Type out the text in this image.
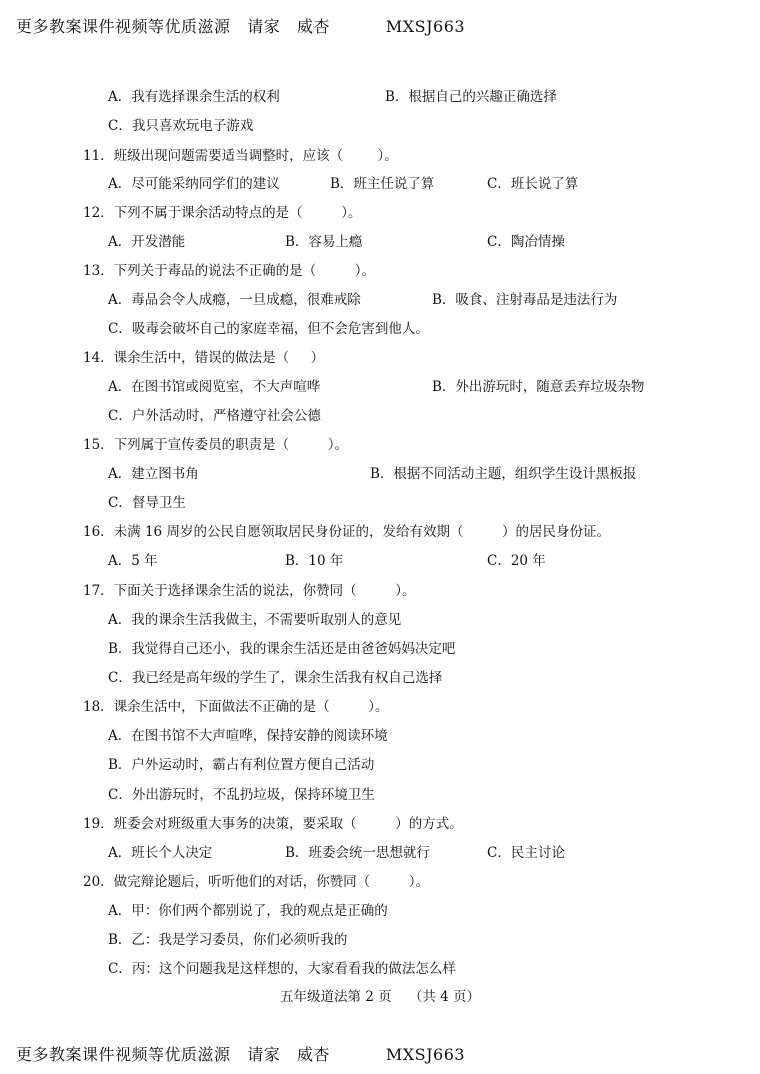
更多教案课件视频等优质滋源   请家   威杏          MXSJ663
A．我有选择课余生活的权利	B．根据自己的兴趣正确选择
C．我只喜欢玩电子游戏
11．班级出现问题需要适当调整时，应该（        ）。
A．尽可能采纳同学们的建议	B．班主任说了算	C．班长说了算
12．下列不属于课余活动特点的是（         ）。
A．开发潜能	B．容易上瘾	C．陶冶情操
13．下列关于毒品的说法不正确的是（         ）。
A．毒品会令人成瘾，一旦成瘾，很难戒除	B．吸食、注射毒品是违法行为
C．吸毒会破坏自己的家庭幸福，但不会危害到他人。
14．课余生活中，错误的做法是（     ）
A．在图书馆或阅览室，不大声喧哗	B．外出游玩时，随意丢弃垃圾杂物
C．户外活动时，严格遵守社会公德
15．下列属于宣传委员的职责是（         ）。
A．建立图书角	B．根据不同活动主题，组织学生设计黑板报
C．督导卫生
16．未满 16 周岁的公民自愿领取居民身份证的，发给有效期（         ）的居民身份证。
A．5 年	B．10 年	C．20 年
17．下面关于选择课余生活的说法，你赞同（         ）。
A．我的课余生活我做主，不需要听取别人的意见
B．我觉得自己还小，我的课余生活还是由爸爸妈妈决定吧
C．我已经是高年级的学生了，课余生活我有权自己选择
18．课余生活中，下面做法不正确的是（         ）。
A．在图书馆不大声喧哗，保持安静的阅读环境
B．户外运动时，霸占有利位置方便自己活动
C．外出游玩时，不乱扔垃圾，保持环境卫生
19．班委会对班级重大事务的决策，要采取（         ）的方式。
A．班长个人决定	B．班委会统一思想就行	C．民主讨论
20．做完辩论题后，听听他们的对话，你赞同（         ）。
A．甲：你们两个都别说了，我的观点是正确的
B．乙：我是学习委员，你们必须听我的
C．丙：这个问题我是这样想的，大家看看我的做法怎么样
五年级道法第 2 页    （共 4 页）
更多教案课件视频等优质滋源   请家   威杏          MXSJ663
